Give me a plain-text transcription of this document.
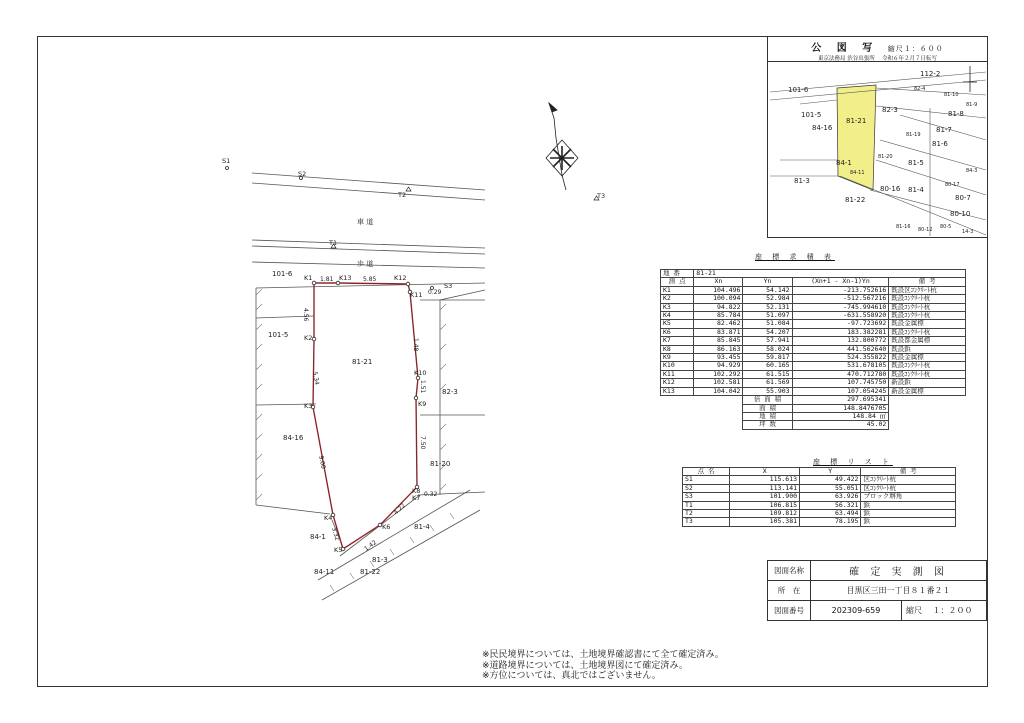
S1
S2
T2
T1
T3
S3
K1	K13	K12
K11
K2
K3
K4
K5
K6
K7
K8
K9
K10
車 道
歩 道
101-6
101-5
84-16
81-21
82-3
81-20
84-1
81-4
84-11	81-22
81-3
1.81	5.85
0.29
4.56
5.34
9.00
3.32
1.42
4.22
0.32
7.50
1.51
1.48
112-2
101-6
101-5
82-3
84-16
81-21
81-6
84-1
81-3
80-16 81-4
80-7
81-22
80-10
81-8
81-7
81-5
82-4
81-10
81-9
81-19
81-20
84-11	84-3
80-17
81-16 80-12 80-5
14-3
公 図 写 縮尺１：６００
東京法務局 渋谷出張所　 令和６年２月７日転写
座 標 求 積 表
地 番	81-21			
測 点	Xn	Yn	(Xn+1 - Xn-1)Yn	備 考
K1	104.496	54.142	-213.752616	既設区ｺﾝｸﾘｰﾄ杭
K2	100.094	52.984	-512.567216	既設ｺﾝｸﾘｰﾄ杭
K3	94.822	52.131	-745.994610	既設ｺﾝｸﾘｰﾄ杭
K4	85.784	51.097	-631.558920	既設ｺﾝｸﾘｰﾄ杭
K5	82.462	51.084	-97.723692	既設金属標
K6	83.871	54.207	183.382281	既設ｺﾝｸﾘｰﾄ杭
K7	85.845	57.941	132.800772	既設都金属標
K8	86.163	58.024	441.562640	既設鋲
K9	93.455	59.817	524.355822	既設金属標
K10	94.929	60.165	531.678105	既設ｺﾝｸﾘｰﾄ杭
K11	102.292	61.515	470.712780	既設ｺﾝｸﾘｰﾄ杭
K12	102.581	61.569	107.745750	新設鋲
K13	104.042	55.903	107.054245	新設金属標
		倍 面 積	297.695341	
		面 積	148.8476705	
		地 積	148.84 ㎡	
		坪 数	45.02	
座 標 リ ス ト
点 名	X	Y	備 考
S1	115.613	49.422	区ｺﾝｸﾘｰﾄ杭
S2	113.141	55.051	区ｺﾝｸﾘｰﾄ杭
S3	101.900	63.926	ブロック塀角
T1	106.815	56.321	鋲
T2	109.812	63.494	鋲
T3	105.381	78.195	鋲
図面名称	確 定 実 測 図	
所　在	目黒区三田一丁目８１番２１	
図面番号	202309-659	縮尺　 １：２００
※民民境界については、土地境界確認書にて全て確定済み。
※道路境界については、土地境界図にて確定済み。
※方位については、真北ではございません。
